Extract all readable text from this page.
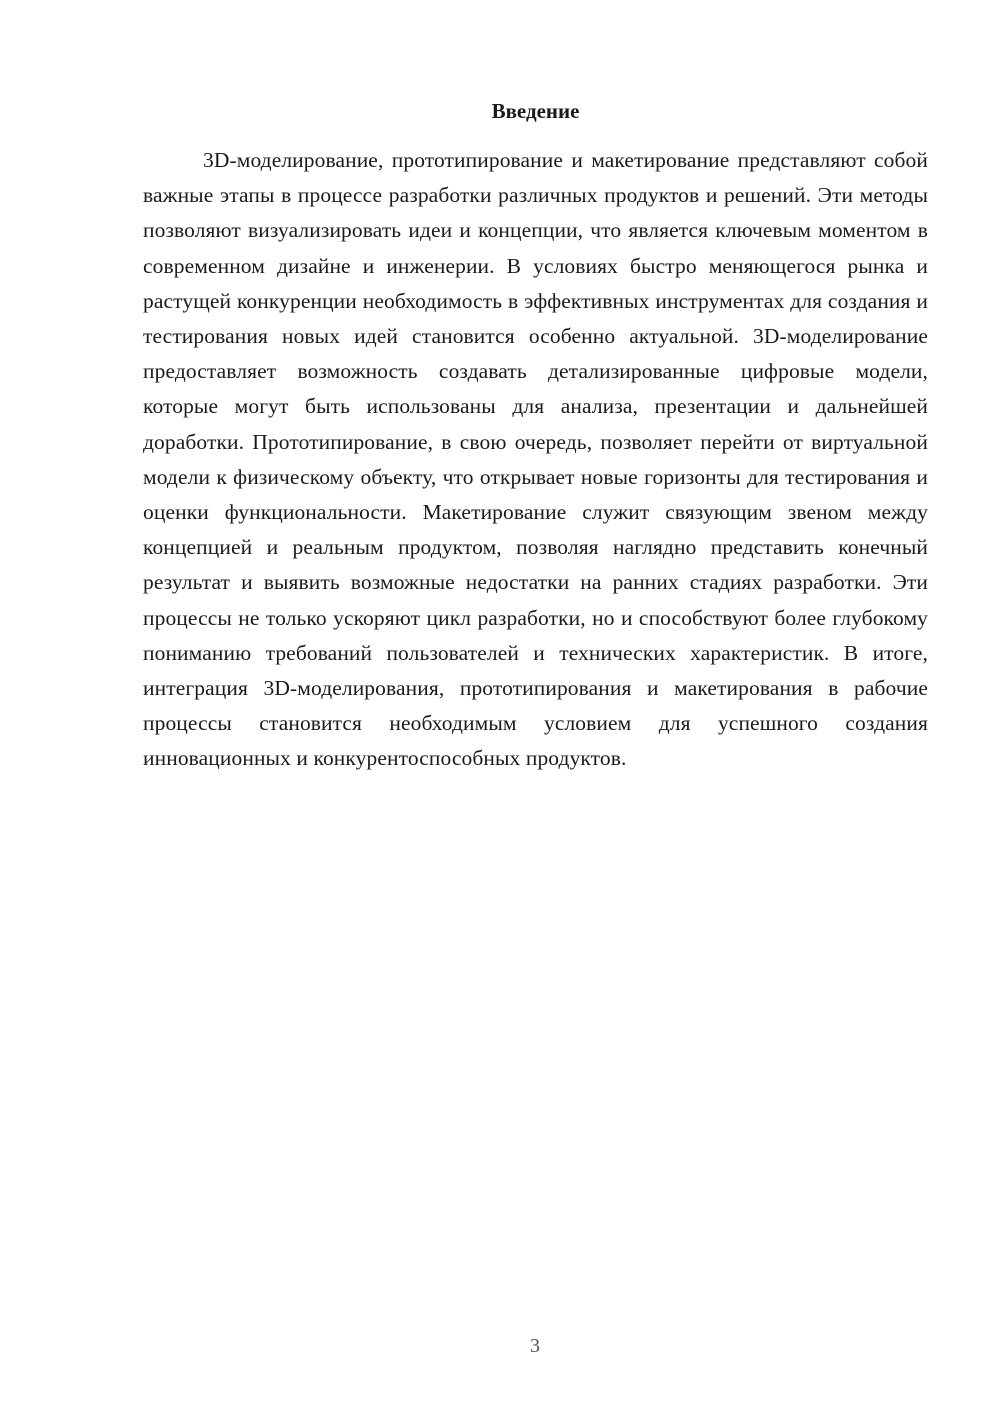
Введение

3D-моделирование, прототипирование и макетирование представляют собой важные этапы в процессе разработки различных продуктов и решений. Эти методы позволяют визуализировать идеи и концепции, что является ключевым моментом в современном дизайне и инженерии. В условиях быстро меняющегося рынка и растущей конкуренции необходимость в эффективных инструментах для создания и тестирования новых идей становится особенно актуальной. 3D-моделирование предоставляет возможность создавать детализированные цифровые модели, которые могут быть использованы для анализа, презентации и дальнейшей доработки. Прототипирование, в свою очередь, позволяет перейти от виртуальной модели к физическому объекту, что открывает новые горизонты для тестирования и оценки функциональности. Макетирование служит связующим звеном между концепцией и реальным продуктом, позволяя наглядно представить конечный результат и выявить возможные недостатки на ранних стадиях разработки. Эти процессы не только ускоряют цикл разработки, но и способствуют более глубокому пониманию требований пользователей и технических характеристик. В итоге, интеграция 3D-моделирования, прототипирования и макетирования в рабочие процессы становится необходимым условием для успешного создания инновационных и конкурентоспособных продуктов.

3
